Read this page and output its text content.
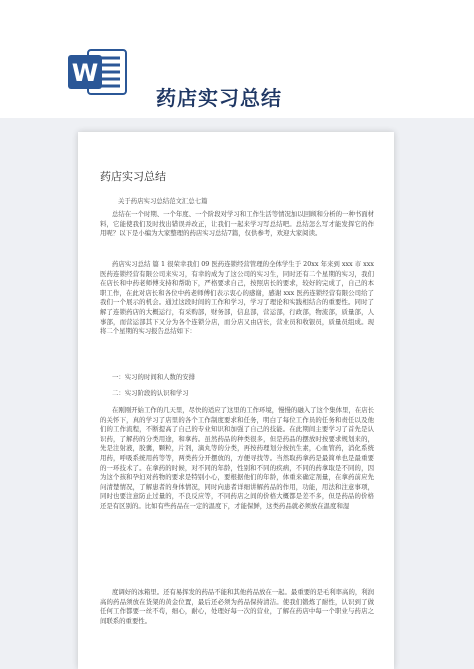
W
药店实习总结
药店实习总结
关于药店实习总结范文汇总七篇

总结在一个时期、一个年度、一个阶段对学习和工作生活等情况加以回顾和分析的一种书面材料，它能使我们及时找出错误并改正，让我们一起来学习写总结吧。总结怎么写才能发挥它的作用呢？以下是小编为大家整理的药店实习总结7篇，仅供参考，欢迎大家阅读。

药店实习总结 篇 1 很荣幸我们 09 医药连锁经营管理的全体学生于 20xx 年来到 xxx 市 xxx 医药连锁经营有限公司来实习，有幸的成为了这公司的实习生，同时还有二个星期的实习，我们在店长和中药老师傅支持和帮助下，严格要求自己，按照店长的要求，较好的完成了，自己的本职工作，在此对店长和各位中药老师傅们表示衷心的感谢，感谢 xxx 医药连锁经营有限公司给了我们一个展示的机会。通过这段时间的工作和学习，学习了理论和实践相结合的重要性。同时了解了连锁药店的大概运行，有采购部，财务部，信息部，营运部，行政部，物流部，质量部，人事部，而营运部其下又分为各个连锁分店，而分店又由店长，营业员和收银员，质量员组成。现将二个星期的实习报告总结如下：

一：实习的时间和人数的安排
二：实习阶段的认识和学习

在刚刚开始工作的几天里，尽快的适应了这里的工作环境，慢慢的融入了这个集体里，在店长的关怀下，真的学习了店里的各个工作制度要求和任务，明白了每位工作员的任务和责任以及他们的工作流程，不断提高了自己的专业知识和加强了自己的技能。在此期间主要学习了首先是认识药，了解药的分类用途，和拿药。虽然药品的种类很多，但是药品的摆放时按要求规划来的，先是注射液，胶囊，颗粒，片剂，滴丸等的分类，再按药理划分按抗生素，心血管药，消化系统用药，呼吸系统用药等等，两类药分开摆放的，方便寻找等。当然取药拿药是最简单也是最重要的一环技术了。在拿药的时候，对不同的年龄，性别和不同的疾病，不同的药拿取是不同的，因为这个孩和孕妇对药物的要求是特别小心，要根据他们的年龄，体重来确定剂量，在拿药前应先问清楚情况，了解患者的身体情况，同时向患者详细讲解药品的作用，功能，用法和注意事项，同时也要注意防止过量的，不良反应等，不同药店之间的价格大概都是差不多，但是药品的价格还是有区别的。比如有些药品在一定的温度下，才能保鲜，这类药品就必须放在温度和湿

度调好的冰箱里。还有易挥发的药品不能和其他药品放在一起。最重要的是毛利率高的，利润高的药品须放在货架的黄金位置，最后还必须为药品保持清洁。使我们锻炼了耐性，认识到了做任何工作都要一丝不苟，细心，耐心，处理好每一次的营业，了解在药店中每一个职业与药店之间联系的重要性。
